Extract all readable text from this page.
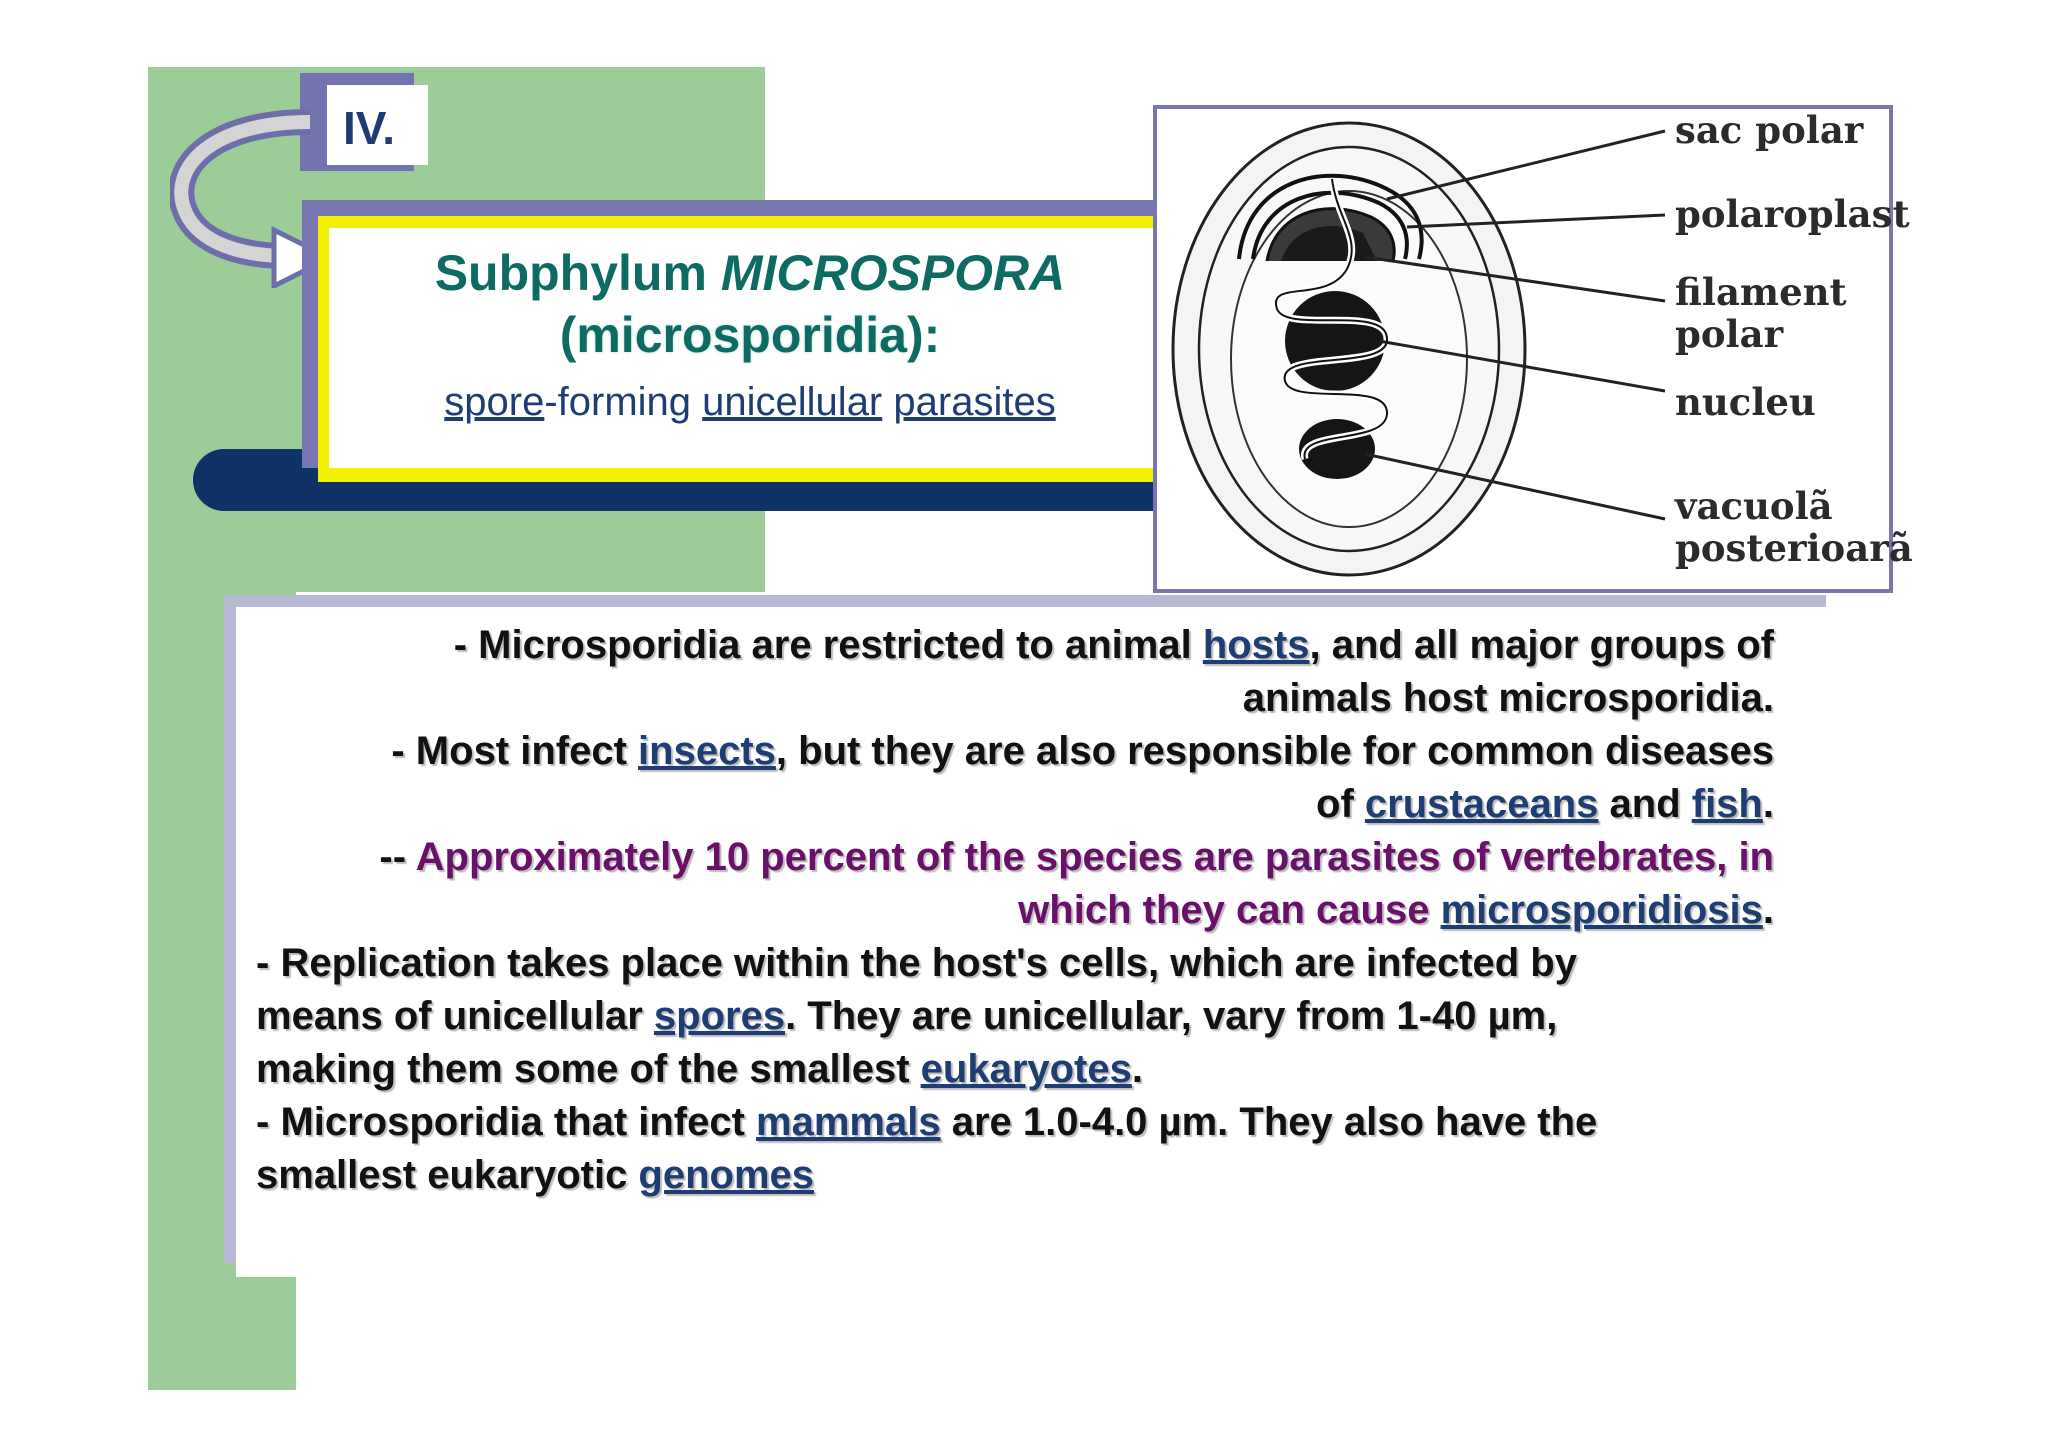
IV.
Subphylum MICROSPORA
(microsporidia):
spore-forming unicellular parasites
sac polar
polaroplast
filament
polar
nucleu
vacuolã
posterioarã
- Microsporidia are restricted to animal hosts, and all major groups of
animals host microsporidia.
- Most infect insects, but they are also responsible for common diseases
of crustaceans and fish.
-- Approximately 10 percent of the species are parasites of vertebrates, in
which they can cause microsporidiosis.
- Replication takes place within the host's cells, which are infected by
means of unicellular spores. They are unicellular, vary from 1-40 µm,
making them some of the smallest eukaryotes.
- Microsporidia that infect mammals are 1.0-4.0 µm. They also have the
smallest eukaryotic genomes
